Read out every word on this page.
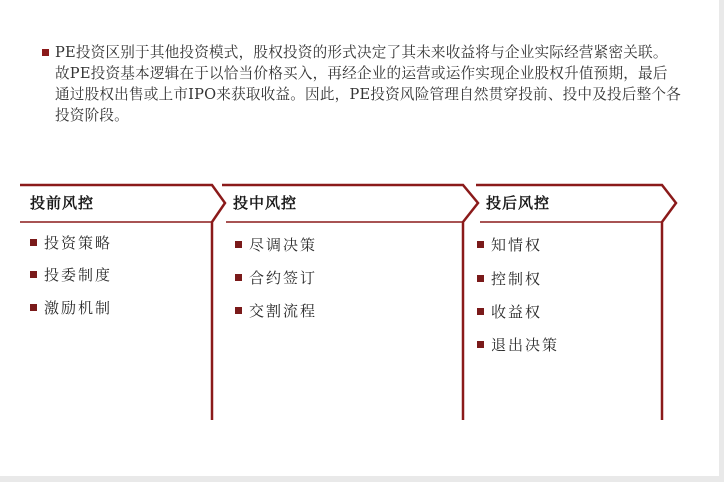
PE投资区别于其他投资模式，股权投资的形式决定了其未来收益将与企业实际经营紧密关联。故PE投资基本逻辑在于以恰当价格买入，再经企业的运营或运作实现企业股权升值预期，最后通过股权出售或上市IPO来获取收益。因此，PE投资风险管理自然贯穿投前、投中及投后整个各投资阶段。
投前风控
投资策略
投委制度
激励机制
投中风控
尽调决策
合约签订
交割流程
投后风控
知情权
控制权
收益权
退出决策
